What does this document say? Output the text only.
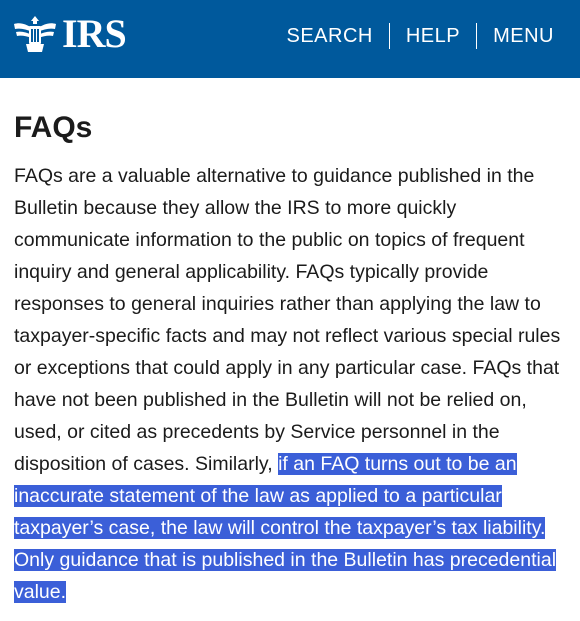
IRS	SEARCH	HELP	MENU
FAQs

FAQs are a valuable alternative to guidance published in the Bulletin because they allow the IRS to more quickly communicate information to the public on topics of frequent inquiry and general applicability. FAQs typically provide responses to general inquiries rather than applying the law to taxpayer-specific facts and may not reflect various special rules or exceptions that could apply in any particular case. FAQs that have not been published in the Bulletin will not be relied on, used, or cited as precedents by Service personnel in the disposition of cases. Similarly, if an FAQ turns out to be an inaccurate statement of the law as applied to a particular taxpayer’s case, the law will control the taxpayer’s tax liability. Only guidance that is published in the Bulletin has precedential value.
